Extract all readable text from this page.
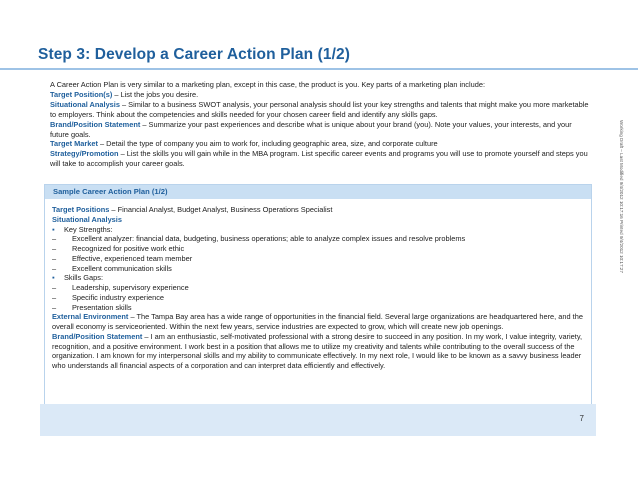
Step 3: Develop a Career Action Plan (1/2)

A Career Action Plan is very similar to a marketing plan, except in this case, the product is you. Key parts of a marketing plan include:

Target Position(s) – List the jobs you desire.

Situational Analysis – Similar to a business SWOT analysis, your personal analysis should list your key strengths and talents that might make you more marketable to employers. Think about the competencies and skills needed for your chosen career field and identify any skills gaps.

Brand/Position Statement – Summarize your past experiences and describe what is unique about your brand (you). Note your values, your interests, and your future goals.

Target Market – Detail the type of company you aim to work for, including geographic area, size, and corporate culture

Strategy/Promotion – List the skills you will gain while in the MBA program. List specific career events and programs you will use to promote yourself and steps you will take to accomplish your career goals.	Working Draft – Last Modified 9/4/2012 10:17:16 Printed 9/4/2012 10:17:27
Sample Career Action Plan (1/2)

Target Positions – Financial Analyst, Budget Analyst, Business Operations Specialist

Situational Analysis

▪ Key Strengths:

– Excellent analyzer: financial data, budgeting, business operations; able to analyze complex issues and resolve problems

– Recognized for positive work ethic

– Effective, experienced team member

– Excellent communication skills

▪ Skills Gaps:

– Leadership, supervisory experience

– Specific industry experience

– Presentation skills

External Environment – The Tampa Bay area has a wide range of opportunities in the financial field. Several large organizations are headquartered here, and the overall economy is serviceoriented. Within the next few years, service industries are expected to grow, which will create new job openings.

Brand/Position Statement – I am an enthusiastic, self-motivated professional with a strong desire to succeed in any position. In my work, I value integrity, variety, recognition, and a positive environment. I work best in a position that allows me to utilize my creativity and talents while contributing to the overall success of the organization. I am known for my interpersonal skills and my ability to communicate effectively. In my next role, I would like to be known as a savvy business leader who understands all financial aspects of a corporation and can interpret data efficiently and effectively.

7
